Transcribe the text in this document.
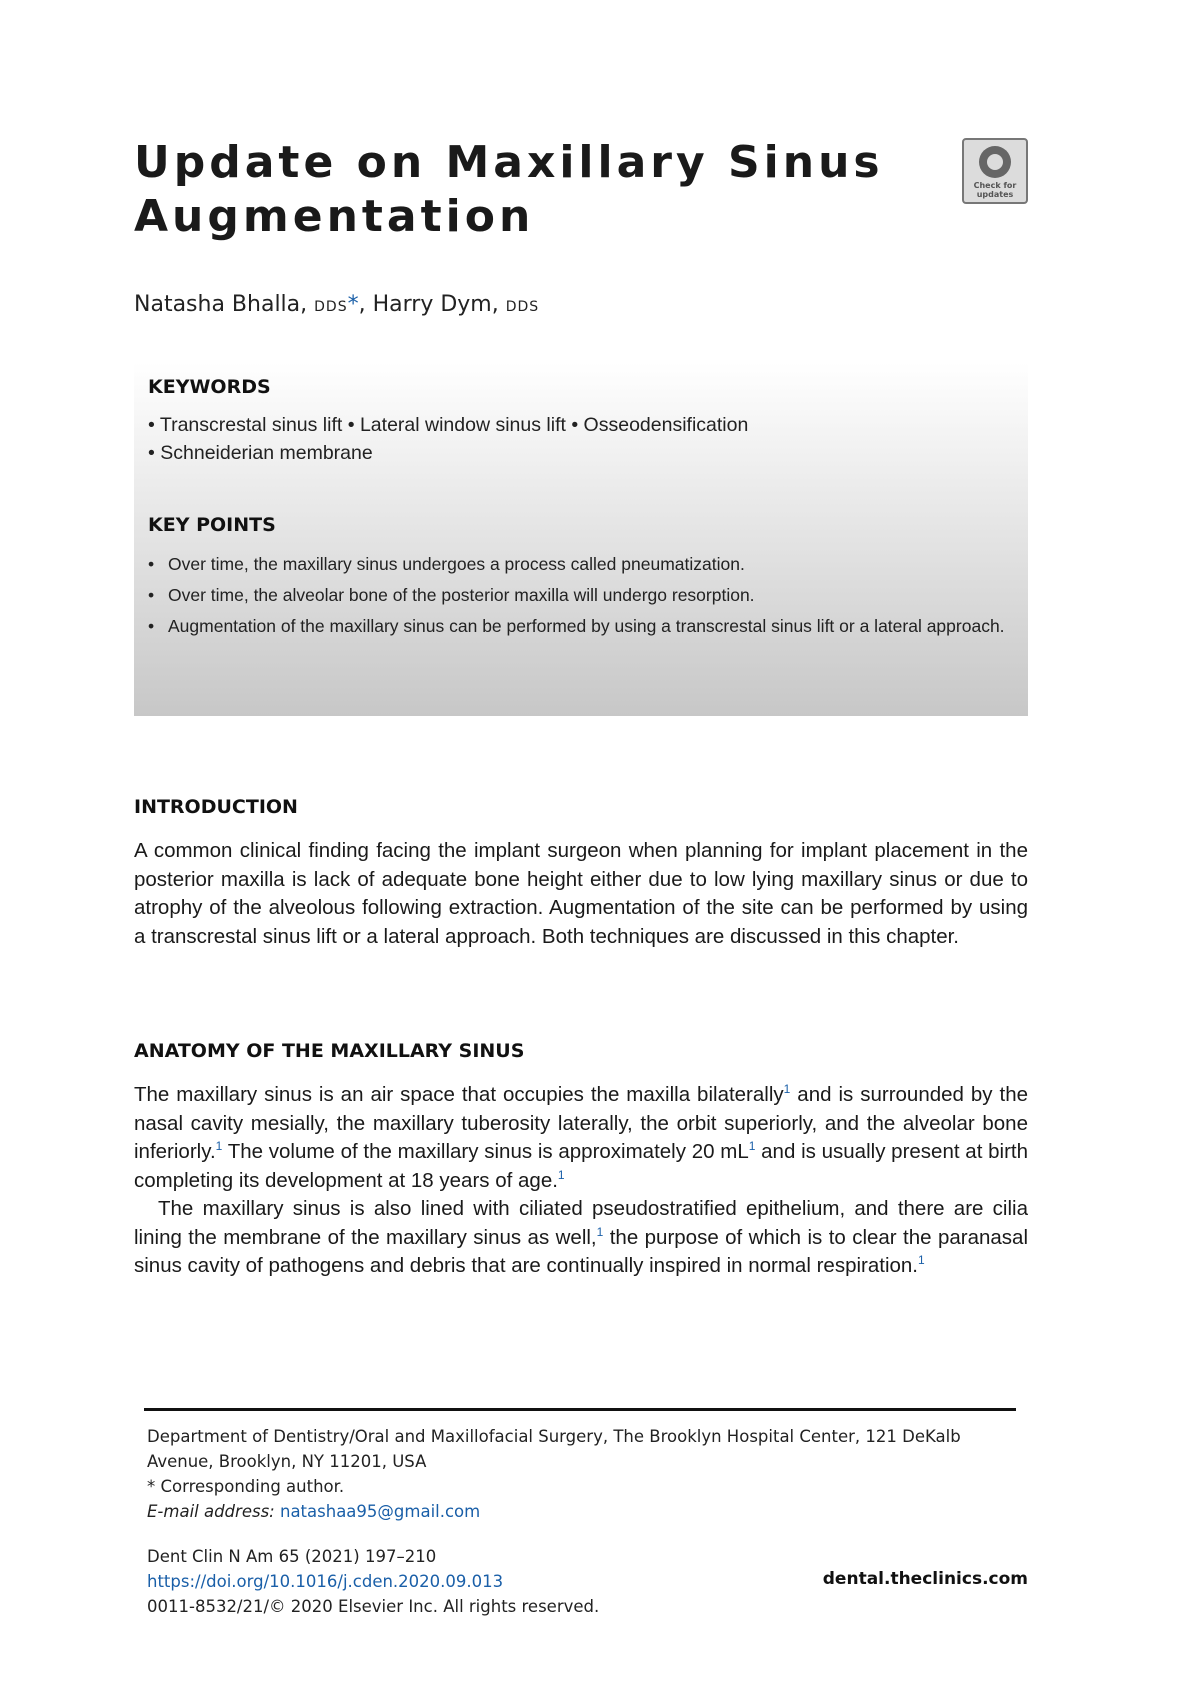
Update on Maxillary Sinus Augmentation
Check for updates
Natasha Bhalla, DDS*, Harry Dym, DDS
KEYWORDS
• Transcrestal sinus lift • Lateral window sinus lift • Osseodensification
• Schneiderian membrane
KEY POINTS
• Over time, the maxillary sinus undergoes a process called pneumatization.
• Over time, the alveolar bone of the posterior maxilla will undergo resorption.
• Augmentation of the maxillary sinus can be performed by using a transcrestal sinus lift or a lateral approach.
INTRODUCTION

A common clinical finding facing the implant surgeon when planning for implant placement in the posterior maxilla is lack of adequate bone height either due to low lying maxillary sinus or due to atrophy of the alveolous following extraction. Augmentation of the site can be performed by using a transcrestal sinus lift or a lateral approach. Both techniques are discussed in this chapter.

ANATOMY OF THE MAXILLARY SINUS

The maxillary sinus is an air space that occupies the maxilla bilaterally$^1$ and is surrounded by the nasal cavity mesially, the maxillary tuberosity laterally, the orbit superiorly, and the alveolar bone inferiorly.$^1$ The volume of the maxillary sinus is approximately 20 $mL^1$ and is usually present at birth completing its development at 18 years of age.$^1$

The maxillary sinus is also lined with ciliated pseudostratified epithelium, and there are cilia lining the membrane of the maxillary sinus as well,$^1$ the purpose of which is to clear the paranasal sinus cavity of pathogens and debris that are continually inspired in normal respiration.$^1$

Department of Dentistry/Oral and Maxillofacial Surgery, The Brooklyn Hospital Center, 121 DeKalb Avenue, Brooklyn, NY 11201, USA

* Corresponding author.

E-mail address: natashaa95@gmail.com

Dent Clin N Am 65 (2021) 197–210

https://doi.org/10.1016/j.cden.2020.09.013

0011-8532/21/© 2020 Elsevier Inc. All rights reserved.

dental.theclinics.com
